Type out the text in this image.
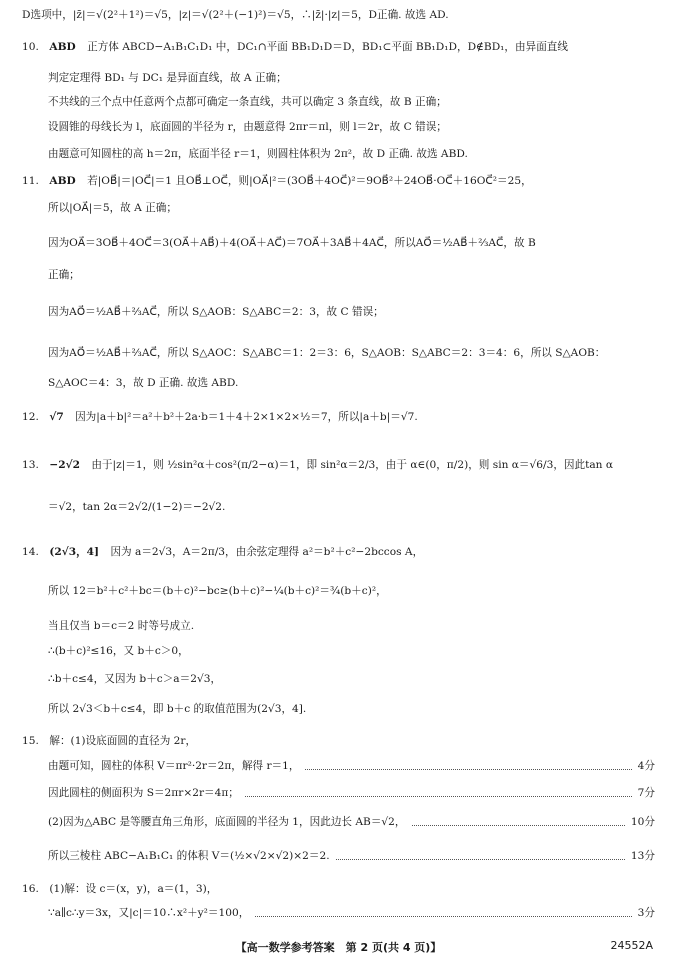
D选项中，|z̄|＝√(2²＋1²)＝√5，|z|＝√(2²＋(−1)²)＝√5，∴|z̄|·|z|＝5，D正确. 故选 AD.
10. ABD 正方体 ABCD−A₁B₁C₁D₁ 中，DC₁∩平面 BB₁D₁D＝D，BD₁⊂平面 BB₁D₁D，D∉BD₁，由异面直线
判定定理得 BD₁ 与 DC₁ 是异面直线，故 A 正确；
不共线的三个点中任意两个点都可确定一条直线，共可以确定 3 条直线，故 B 正确；
设圆锥的母线长为 l，底面圆的半径为 r，由题意得 2πr＝πl，则 l＝2r，故 C 错误；
由题意可知圆柱的高 h＝2π，底面半径 r＝1，则圆柱体积为 2π²，故 D 正确. 故选 ABD.
11. ABD 若|OB⃗|＝|OC⃗|＝1 且OB⃗⊥OC⃗，则|OA⃗|²＝(3OB⃗＋4OC⃗)²＝9OB⃗²＋24OB⃗·OC⃗＋16OC⃗²＝25，
所以|OA⃗|＝5，故 A 正确；
因为OA⃗＝3OB⃗＋4OC⃗＝3(OA⃗＋AB⃗)＋4(OA⃗＋AC⃗)＝7OA⃗＋3AB⃗＋4AC⃗，所以AO⃗＝½AB⃗＋⅔AC⃗，故 B
正确；
因为AO⃗＝½AB⃗＋⅔AC⃗，所以 S△AOB：S△ABC＝2：3，故 C 错误；
因为AO⃗＝½AB⃗＋⅔AC⃗，所以 S△AOC：S△ABC＝1：2＝3：6，S△AOB：S△ABC＝2：3＝4：6，所以 S△AOB：
S△AOC＝4：3，故 D 正确. 故选 ABD.
12. √7 因为|a＋b|²＝a²＋b²＋2a·b＝1＋4＋2×1×2×½＝7，所以|a＋b|＝√7.
13. −2√2 由于|z|＝1，则 ½sin²α＋cos²(π/2−α)＝1，即 sin²α＝2/3，由于 α∈(0，π/2)，则 sin α＝√6/3，因此tan α
＝√2，tan 2α＝2√2/(1−2)＝−2√2.
14. (2√3，4] 因为 a＝2√3，A＝2π/3，由余弦定理得 a²＝b²＋c²−2bccos A，
所以 12＝b²＋c²＋bc＝(b＋c)²−bc≥(b＋c)²−¼(b＋c)²＝¾(b＋c)²，
当且仅当 b＝c＝2 时等号成立.
∴(b＋c)²≤16，又 b＋c＞0，
∴b＋c≤4，又因为 b＋c＞a＝2√3，
所以 2√3＜b＋c≤4，即 b＋c 的取值范围为(2√3，4].
15. 解：(1)设底面圆的直径为 2r，
由题可知，圆柱的体积 V＝πr²·2r＝2π，解得 r＝1，	4分
因此圆柱的侧面积为 S＝2πr×2r＝4π；	7分
(2)因为△ABC 是等腰直角三角形，底面圆的半径为 1，因此边长 AB＝√2，	10分
所以三棱柱 ABC−A₁B₁C₁ 的体积 V＝(½×√2×√2)×2＝2.	13分
16. (1)解：设 c＝(x，y)，a＝(1，3)，
∵a∥c∴y＝3x，又|c|＝10∴x²＋y²＝100，	3分
【高一数学参考答案　第 2 页(共 4 页)】	24552A
